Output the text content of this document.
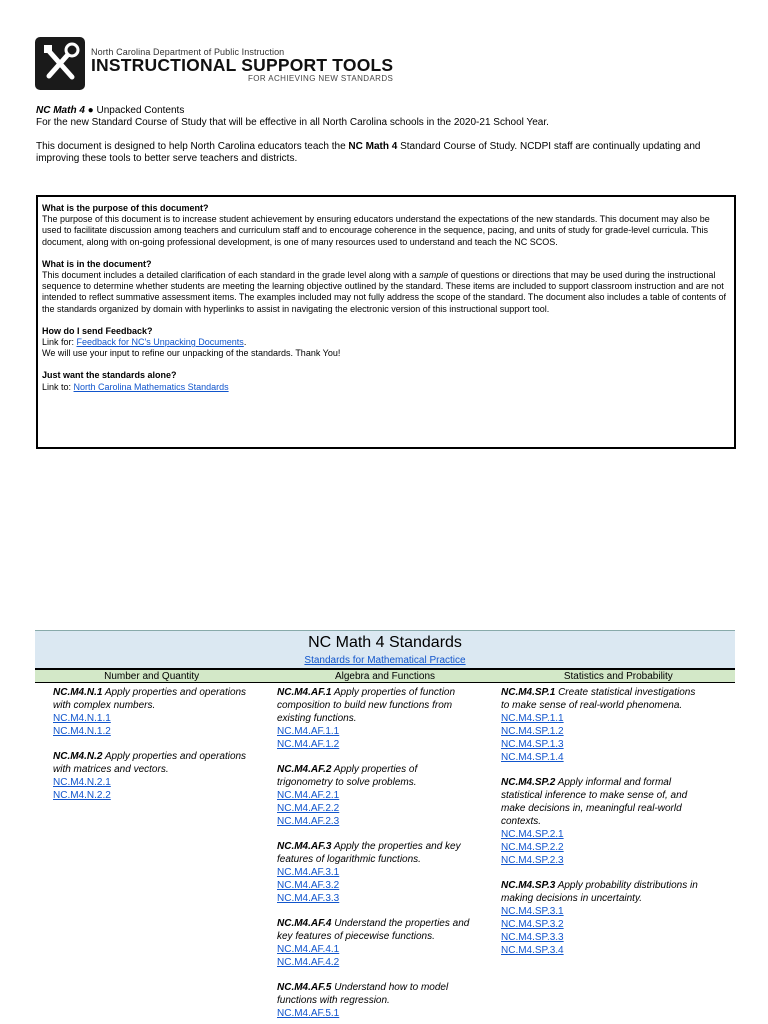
North Carolina Department of Public Instruction
INSTRUCTIONAL SUPPORT TOOLS
FOR ACHIEVING NEW STANDARDS

NC Math 4 ● Unpacked Contents

For the new Standard Course of Study that will be effective in all North Carolina schools in the 2020-21 School Year.

This document is designed to help North Carolina educators teach the NC Math 4 Standard Course of Study. NCDPI staff are continually updating and improving these tools to better serve teachers and districts.

What is the purpose of this document?

The purpose of this document is to increase student achievement by ensuring educators understand the expectations of the new standards. This document may also be used to facilitate discussion among teachers and curriculum staff and to encourage coherence in the sequence, pacing, and units of study for grade-level curricula. This document, along with on-going professional development, is one of many resources used to understand and teach the NC SCOS.

What is in the document?

This document includes a detailed clarification of each standard in the grade level along with a sample of questions or directions that may be used during the instructional sequence to determine whether students are meeting the learning objective outlined by the standard. These items are included to support classroom instruction and are not intended to reflect summative assessment items. The examples included may not fully address the scope of the standard. The document also includes a table of contents of the standards organized by domain with hyperlinks to assist in navigating the electronic version of this instructional support tool.

How do I send Feedback?

Link for: Feedback for NC's Unpacking Documents.

We will use your input to refine our unpacking of the standards. Thank You!

Just want the standards alone?

Link to: North Carolina Mathematics Standards

NC Math 4 Standards
Standards for Mathematical Practice
Number and Quantity	Algebra and Functions	Statistics and Probability
NC.M4.N.1 Apply properties and operations with complex numbers.
NC.M4.N.1.1
NC.M4.N.1.2
NC.M4.N.2 Apply properties and operations with matrices and vectors.
NC.M4.N.2.1
NC.M4.N.2.2
NC.M4.AF.1 Apply properties of function composition to build new functions from existing functions.
NC.M4.AF.1.1
NC.M4.AF.1.2
NC.M4.AF.2 Apply properties of trigonometry to solve problems.
NC.M4.AF.2.1
NC.M4.AF.2.2
NC.M4.AF.2.3
NC.M4.AF.3 Apply the properties and key features of logarithmic functions.
NC.M4.AF.3.1
NC.M4.AF.3.2
NC.M4.AF.3.3
NC.M4.AF.4 Understand the properties and key features of piecewise functions.
NC.M4.AF.4.1
NC.M4.AF.4.2
NC.M4.AF.5 Understand how to model functions with regression.
NC.M4.AF.5.1
NC.M4.SP.1 Create statistical investigations to make sense of real-world phenomena.
NC.M4.SP.1.1
NC.M4.SP.1.2
NC.M4.SP.1.3
NC.M4.SP.1.4
NC.M4.SP.2 Apply informal and formal statistical inference to make sense of, and make decisions in, meaningful real-world contexts.
NC.M4.SP.2.1
NC.M4.SP.2.2
NC.M4.SP.2.3
NC.M4.SP.3 Apply probability distributions in making decisions in uncertainty.
NC.M4.SP.3.1
NC.M4.SP.3.2
NC.M4.SP.3.3
NC.M4.SP.3.4
